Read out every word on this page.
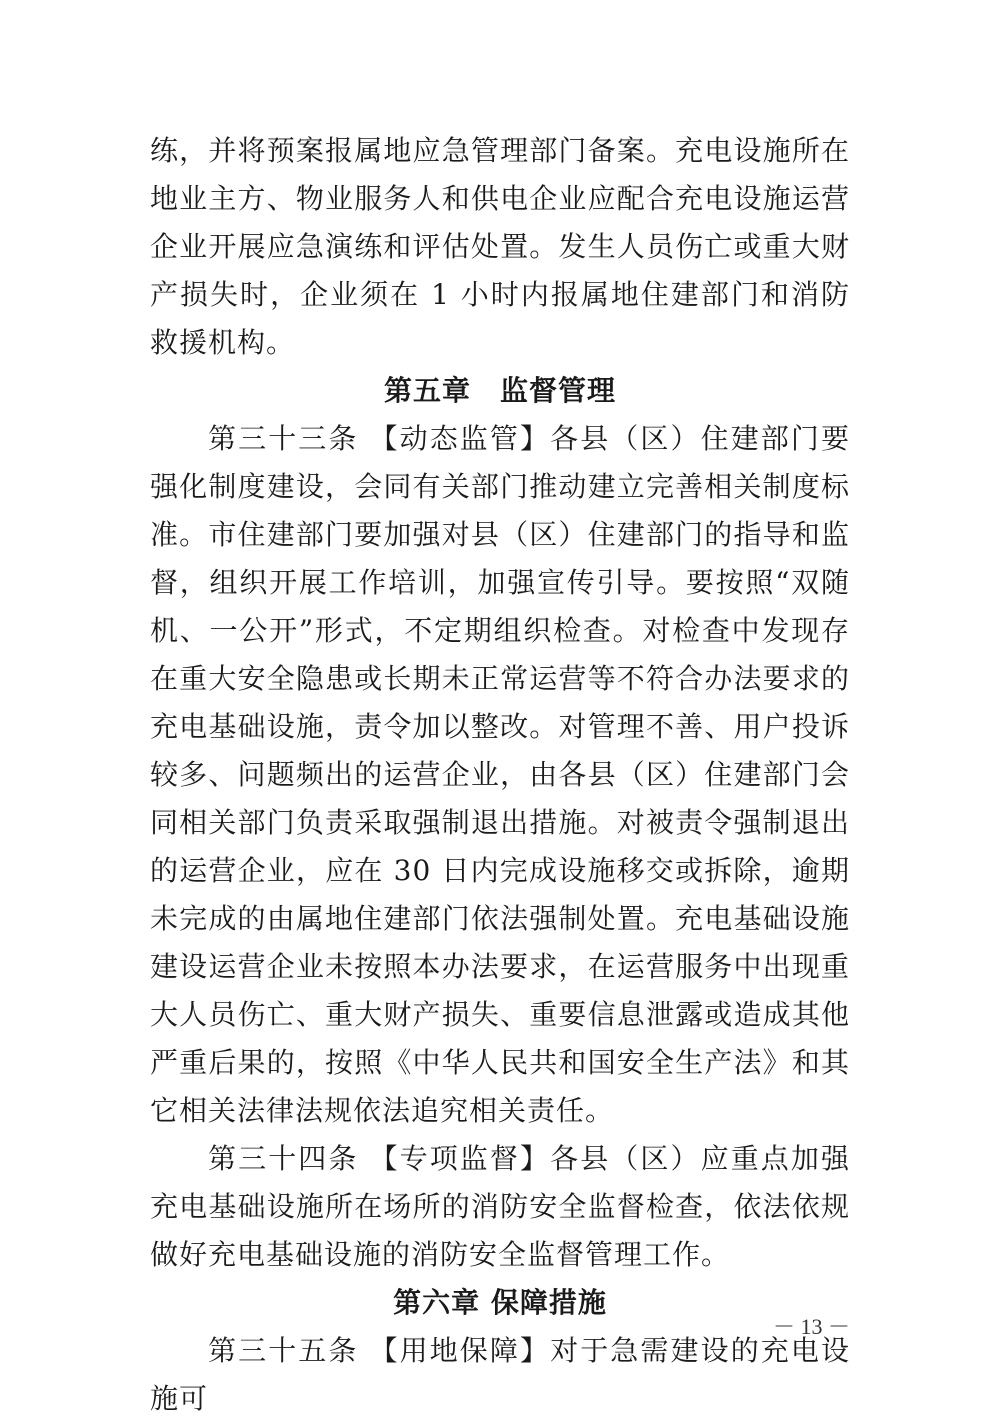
练，并将预案报属地应急管理部门备案。充电设施所在地业主方、物业服务人和供电企业应配合充电设施运营企业开展应急演练和评估处置。发生人员伤亡或重大财产损失时，企业须在 1 小时内报属地住建部门和消防救援机构。

第五章　监督管理

第三十三条 【动态监管】各县（区）住建部门要强化制度建设，会同有关部门推动建立完善相关制度标准。市住建部门要加强对县（区）住建部门的指导和监督，组织开展工作培训，加强宣传引导。要按照“双随机、一公开”形式，不定期组织检查。对检查中发现存在重大安全隐患或长期未正常运营等不符合办法要求的充电基础设施，责令加以整改。对管理不善、用户投诉较多、问题频出的运营企业，由各县（区）住建部门会同相关部门负责采取强制退出措施。对被责令强制退出的运营企业，应在 30 日内完成设施移交或拆除，逾期未完成的由属地住建部门依法强制处置。充电基础设施建设运营企业未按照本办法要求，在运营服务中出现重大人员伤亡、重大财产损失、重要信息泄露或造成其他严重后果的，按照《中华人民共和国安全生产法》和其它相关法律法规依法追究相关责任。

第三十四条 【专项监督】各县（区）应重点加强充电基础设施所在场所的消防安全监督检查，依法依规做好充电基础设施的消防安全监督管理工作。

第六章 保障措施

第三十五条 【用地保障】对于急需建设的充电设施可

－ 13 －
